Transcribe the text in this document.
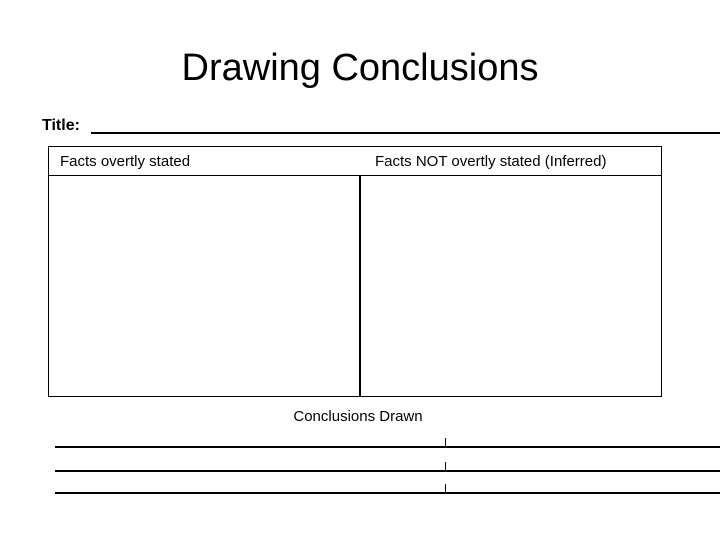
Drawing Conclusions
Title:
Facts overtly stated	Facts NOT overtly stated (Inferred)
Conclusions Drawn
